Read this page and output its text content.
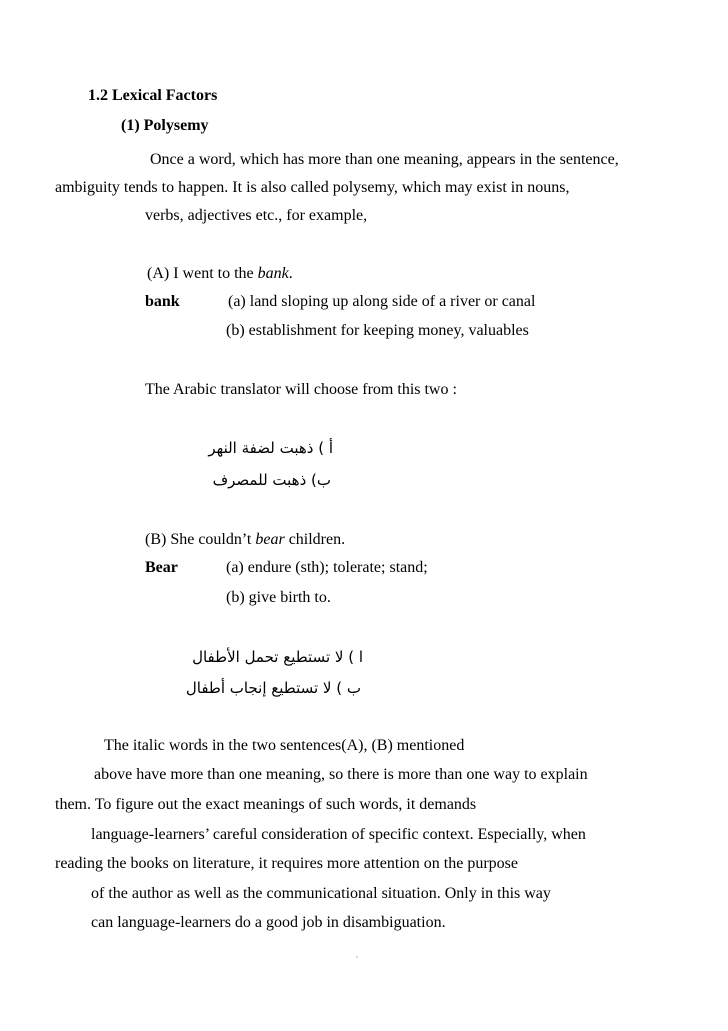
1.2 Lexical Factors
(1) Polysemy
Once a word, which has more than one meaning, appears in the sentence,
ambiguity tends to happen. It is also called polysemy, which may exist in nouns,
verbs, adjectives etc., for example,
(A) I went to the bank.
bank	(a) land sloping up along side of a river or canal
(b) establishment for keeping money, valuables
The Arabic translator will choose from this two :
أ ) ذهبت لضفة النهر
ب) ذهبت للمصرف
(B) She couldn’t bear children.
Bear	(a) endure (sth); tolerate; stand;
(b) give birth to.
ا ) لا تستطيع تحمل الأطفال
ب ) لا تستطيع إنجاب أطفال
The italic words in the two sentences(A), (B) mentioned
above have more than one meaning, so there is more than one way to explain
them. To figure out the exact meanings of such words, it demands
language-learners’ careful consideration of specific context. Especially, when
reading the books on literature, it requires more attention on the purpose
of the author as well as the communicational situation. Only in this way
can language-learners do a good job in disambiguation.
